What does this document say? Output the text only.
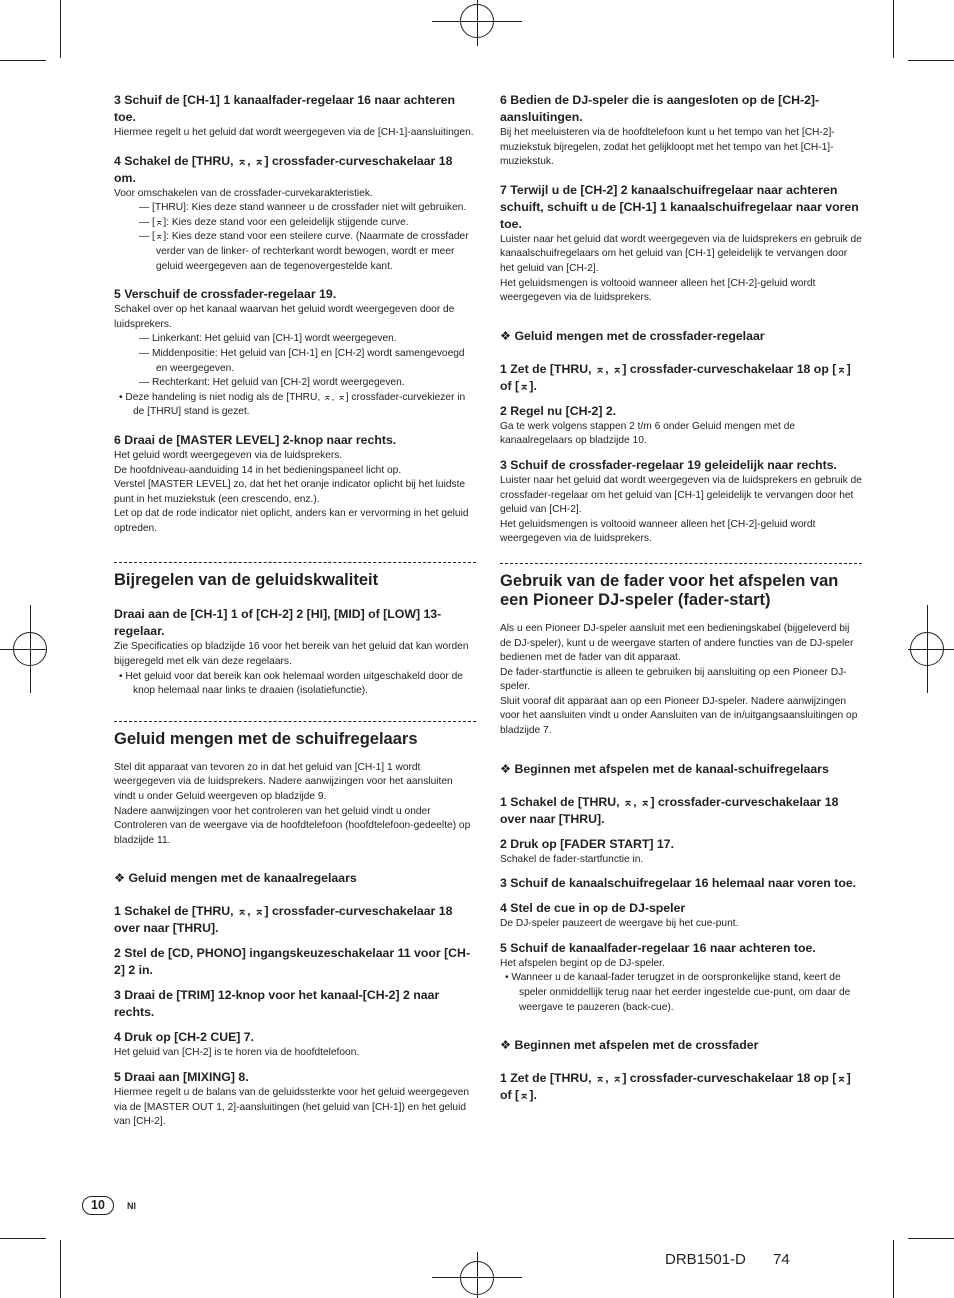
3 Schuif de [CH-1] 1 kanaalfader-regelaar 16 naar achteren toe.

Hiermee regelt u het geluid dat wordt weergegeven via de [CH-1]-aansluitingen.

4 Schakel de [THRU, ⌅, ⌅] crossfader-curveschakelaar 18 om.

Voor omschakelen van de crossfader-curvekarakteristiek.

— [THRU]: Kies deze stand wanneer u de crossfader niet wilt gebruiken.

— [⌅]: Kies deze stand voor een geleidelijk stijgende curve.

— [⌅]: Kies deze stand voor een steilere curve. (Naarmate de crossfader verder van de linker- of rechterkant wordt bewogen, wordt er meer geluid weergegeven aan de tegenovergestelde kant.

5 Verschuif de crossfader-regelaar 19.

Schakel over op het kanaal waarvan het geluid wordt weergegeven door de luidsprekers.

— Linkerkant: Het geluid van [CH-1] wordt weergegeven.

— Middenpositie: Het geluid van [CH-1] en [CH-2] wordt samengevoegd en weergegeven.

— Rechterkant: Het geluid van [CH-2] wordt weergegeven.

• Deze handeling is niet nodig als de [THRU, ⌅, ⌅] crossfader-curvekiezer in de [THRU] stand is gezet.

6 Draai de [MASTER LEVEL] 2-knop naar rechts.

Het geluid wordt weergegeven via de luidsprekers.

De hoofdniveau-aanduiding 14 in het bedieningspaneel licht op.

Verstel [MASTER LEVEL] zo, dat het het oranje indicator oplicht bij het luidste punt in het muziekstuk (een crescendo, enz.).

Let op dat de rode indicator niet oplicht, anders kan er vervorming in het geluid optreden.

Bijregelen van de geluidskwaliteit

Draai aan de [CH-1] 1 of [CH-2] 2 [HI], [MID] of [LOW] 13-regelaar.

Zie Specificaties op bladzijde 16 voor het bereik van het geluid dat kan worden bijgeregeld met elk van deze regelaars.

• Het geluid voor dat bereik kan ook helemaal worden uitgeschakeld door de knop helemaal naar links te draaien (isolatiefunctie).

Geluid mengen met de schuifregelaars

Stel dit apparaat van tevoren zo in dat het geluid van [CH-1] 1 wordt weergegeven via de luidsprekers. Nadere aanwijzingen voor het aansluiten vindt u onder Geluid weergeven op bladzijde 9.

Nadere aanwijzingen voor het controleren van het geluid vindt u onder Controleren van de weergave via de hoofdtelefoon (hoofdtelefoon-gedeelte) op bladzijde 11.

❖ Geluid mengen met de kanaalregelaars

1 Schakel de [THRU, ⌅, ⌅] crossfader-curveschakelaar 18 over naar [THRU].

2 Stel de [CD, PHONO] ingangskeuzeschakelaar 11 voor [CH-2] 2 in.

3 Draai de [TRIM] 12-knop voor het kanaal-[CH-2] 2 naar rechts.

4 Druk op [CH-2 CUE] 7.

Het geluid van [CH-2] is te horen via de hoofdtelefoon.

5 Draai aan [MIXING] 8.

Hiermee regelt u de balans van de geluidssterkte voor het geluid weergegeven via de [MASTER OUT 1, 2]-aansluitingen (het geluid van [CH-1]) en het geluid van [CH-2].

6 Bedien de DJ-speler die is aangesloten op de [CH-2]-aansluitingen.

Bij het meeluisteren via de hoofdtelefoon kunt u het tempo van het [CH-2]-muziekstuk bijregelen, zodat het gelijkloopt met het tempo van het [CH-1]-muziekstuk.

7 Terwijl u de [CH-2] 2 kanaalschuifregelaar naar achteren schuift, schuift u de [CH-1] 1 kanaalschuifregelaar naar voren toe.

Luister naar het geluid dat wordt weergegeven via de luidsprekers en gebruik de kanaalschuifregelaars om het geluid van [CH-1] geleidelijk te vervangen door het geluid van [CH-2].

Het geluidsmengen is voltooid wanneer alleen het [CH-2]-geluid wordt weergegeven via de luidsprekers.

❖ Geluid mengen met de crossfader-regelaar

1 Zet de [THRU, ⌅, ⌅] crossfader-curveschakelaar 18 op [⌅] of [⌅].

2 Regel nu [CH-2] 2.

Ga te werk volgens stappen 2 t/m 6 onder Geluid mengen met de kanaalregelaars op bladzijde 10.

3 Schuif de crossfader-regelaar 19 geleidelijk naar rechts.

Luister naar het geluid dat wordt weergegeven via de luidsprekers en gebruik de crossfader-regelaar om het geluid van [CH-1] geleidelijk te vervangen door het geluid van [CH-2].

Het geluidsmengen is voltooid wanneer alleen het [CH-2]-geluid wordt weergegeven via de luidsprekers.

Gebruik van de fader voor het afspelen van een Pioneer DJ-speler (fader-start)

Als u een Pioneer DJ-speler aansluit met een bedieningskabel (bijgeleverd bij de DJ-speler), kunt u de weergave starten of andere functies van de DJ-speler bedienen met de fader van dit apparaat.

De fader-startfunctie is alleen te gebruiken bij aansluiting op een Pioneer DJ-speler.

Sluit vooraf dit apparaat aan op een Pioneer DJ-speler. Nadere aanwijzingen voor het aansluiten vindt u onder Aansluiten van de in/uitgangsaansluitingen op bladzijde 7.

❖ Beginnen met afspelen met de kanaal-schuifregelaars

1 Schakel de [THRU, ⌅, ⌅] crossfader-curveschakelaar 18 over naar [THRU].

2 Druk op [FADER START] 17.

Schakel de fader-startfunctie in.

3 Schuif de kanaalschuifregelaar 16 helemaal naar voren toe.

4 Stel de cue in op de DJ-speler

De DJ-speler pauzeert de weergave bij het cue-punt.

5 Schuif de kanaalfader-regelaar 16 naar achteren toe.

Het afspelen begint op de DJ-speler.

• Wanneer u de kanaal-fader terugzet in de oorspronkelijke stand, keert de speler onmiddellijk terug naar het eerder ingestelde cue-punt, om daar de weergave te pauzeren (back-cue).

❖ Beginnen met afspelen met de crossfader

1 Zet de [THRU, ⌅, ⌅] crossfader-curveschakelaar 18 op [⌅] of [⌅].

10	Nl
DRB1501-D 74
